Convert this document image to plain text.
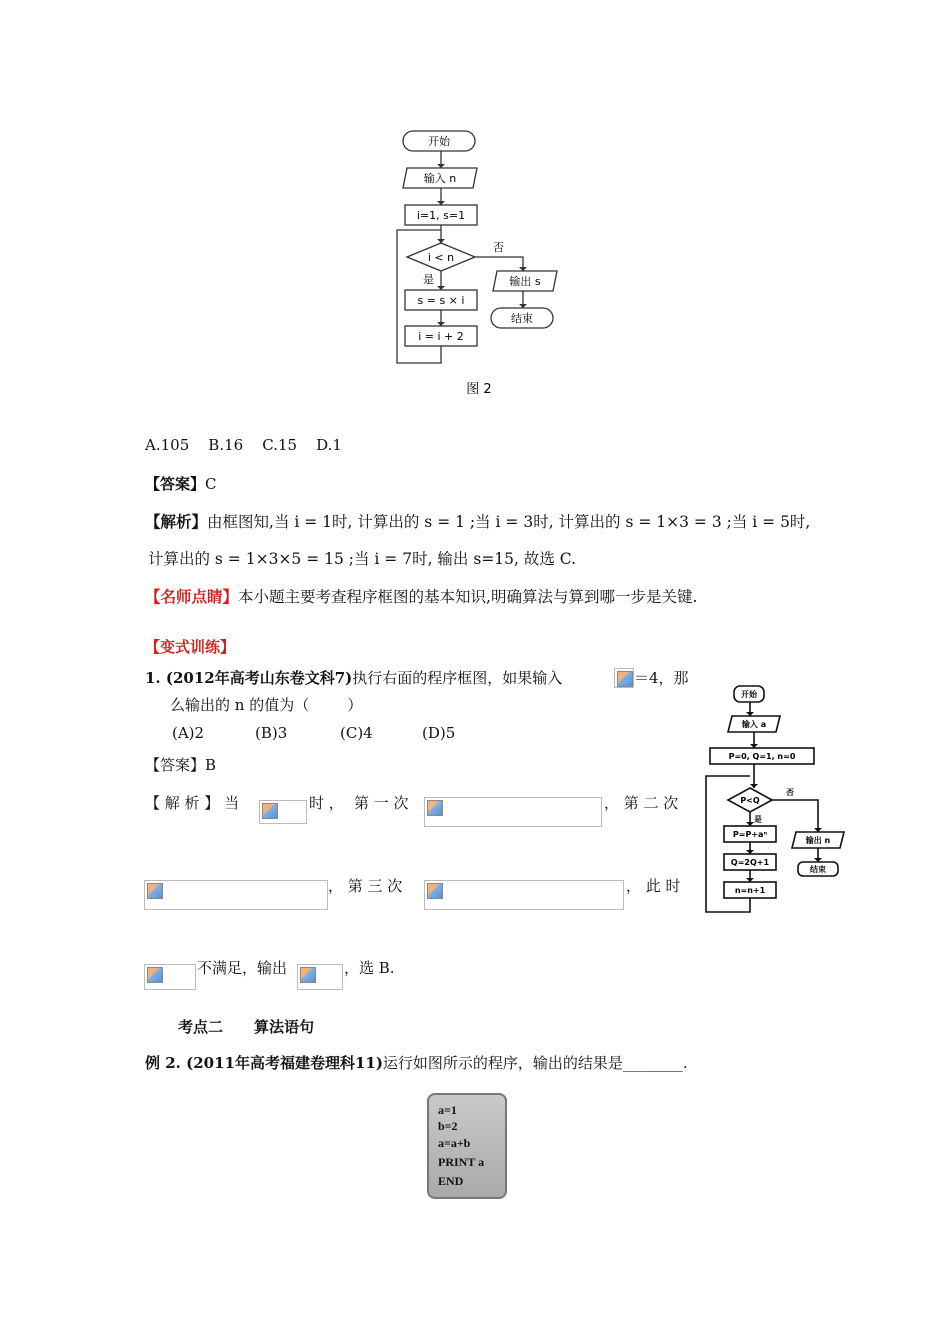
开始
输入 n
i=1, s=1
i < n
否
是
s = s × i
i = i + 2
输出 s
结束
图 2
A.105    B.16    C.15    D.1
【答案】C
【解析】由框图知,当 i = 1时, 计算出的 s = 1 ;当 i = 3时, 计算出的 s = 1×3 = 3 ;当 i = 5时,
计算出的 s = 1×3×5 = 15 ;当 i = 7时, 输出 s=15, 故选 C.
【名师点睛】本小题主要考查程序框图的基本知识,明确算法与算到哪一步是关键.
【变式训练】
1. (2012年高考山东卷文科7)执行右面的程序框图，如果输入	＝4，那
么输出的 n 的值为（        ）
(A)2	(B)3	(C)4	(D)5
【答案】B
【 解 析 】 当	时 ， 第 一 次	， 第 二 次
， 第 三 次	， 此 时
不满足，输出	，选 B.
开始
输入 a
P=0, Q=1, n=0
P<Q
否
是
P=P+aⁿ
Q=2Q+1
n=n+1
输出 n
结束
考点二 算法语句
例 2. (2011年高考福建卷理科11)运行如图所示的程序，输出的结果是________.
a=1
b=2
a=a+b
PRINT a
END
